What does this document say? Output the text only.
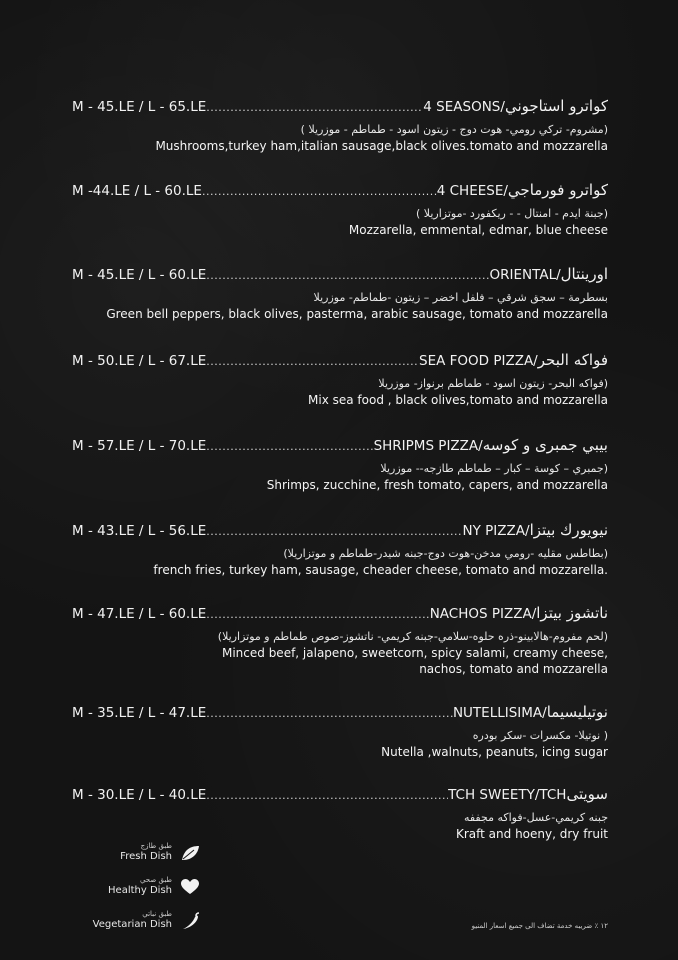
M - 45.LE / L - 65.LE .....	4 SEASONS/ كواترو استاجوني
(مشروم- تركي رومي- هوت دوج - زيتون اسود - طماطم - موزريلا )
Mushrooms,turkey ham,italian sausage,black olives.tomato and mozzarella
M -44.LE / L - 60.LE .....	4 CHEESE/ كواترو فورماجي
(جبنة ايدم - امنتال - - ريكفورد -موتزاريلا )
Mozzarella, emmental, edmar, blue cheese
M - 45.LE / L - 60.LE .....	ORIENTAL/ اورينتال
بسطرمة – سجق شرقي – فلفل اخضر – زيتون -طماطم- موزريلا
Green bell peppers, black olives, pasterma, arabic sausage, tomato and mozzarella
M - 50.LE / L - 67.LE .....	SEA FOOD PIZZA/ فواكه البحر
(فواكه البحر- زيتون اسود - طماطم برنواز- موزريلا
Mix sea food , black olives,tomato and mozzarella
M - 57.LE / L - 70.LE .....	SHRIPMS PIZZA/ بيبي جمبرى و كوسه
(جمبري – كوسة – كبار – طماطم طازجه-- موزريلا
Shrimps, zucchine, fresh tomato, capers, and mozzarella
M - 43.LE / L - 56.LE .....	NY PIZZA/ نيويورك بيتزا
(بطاطس مقليه -رومي مدخن-هوت دوج-جبنه شيدر-طماطم و موتزاريلا)
french fries, turkey ham, sausage, cheader cheese, tomato and mozzarella.
M - 47.LE / L - 60.LE .....	NACHOS PIZZA/ ناتشوز بيتزا
(لحم مفروم-هالابينو-ذره حلوه-سلامي-جبنه كريمي- ناتشوز-صوص طماطم و موتزاريلا)
Minced beef, jalapeno, sweetcorn, spicy salami, creamy cheese,
nachos, tomato and mozzarella
M - 35.LE / L - 47.LE .....	NUTELLISIMA/ نوتيليسيما
( نوتيلا- مكسرات -سكر بودره
Nutella ,walnuts, peanuts, icing sugar
M - 30.LE / L - 40.LE .....	TCH SWEETY/TCH سويتى
جبنه كريمي-عسل-فواكه مجففه
Kraft and hoeny, dry fruit
طبق طازج
Fresh Dish
طبق صحي
Healthy Dish
طبق نباتي
Vegetarian Dish	١٢ ٪ ضريبه خدمة تضاف الى جميع اسعار المنيو
